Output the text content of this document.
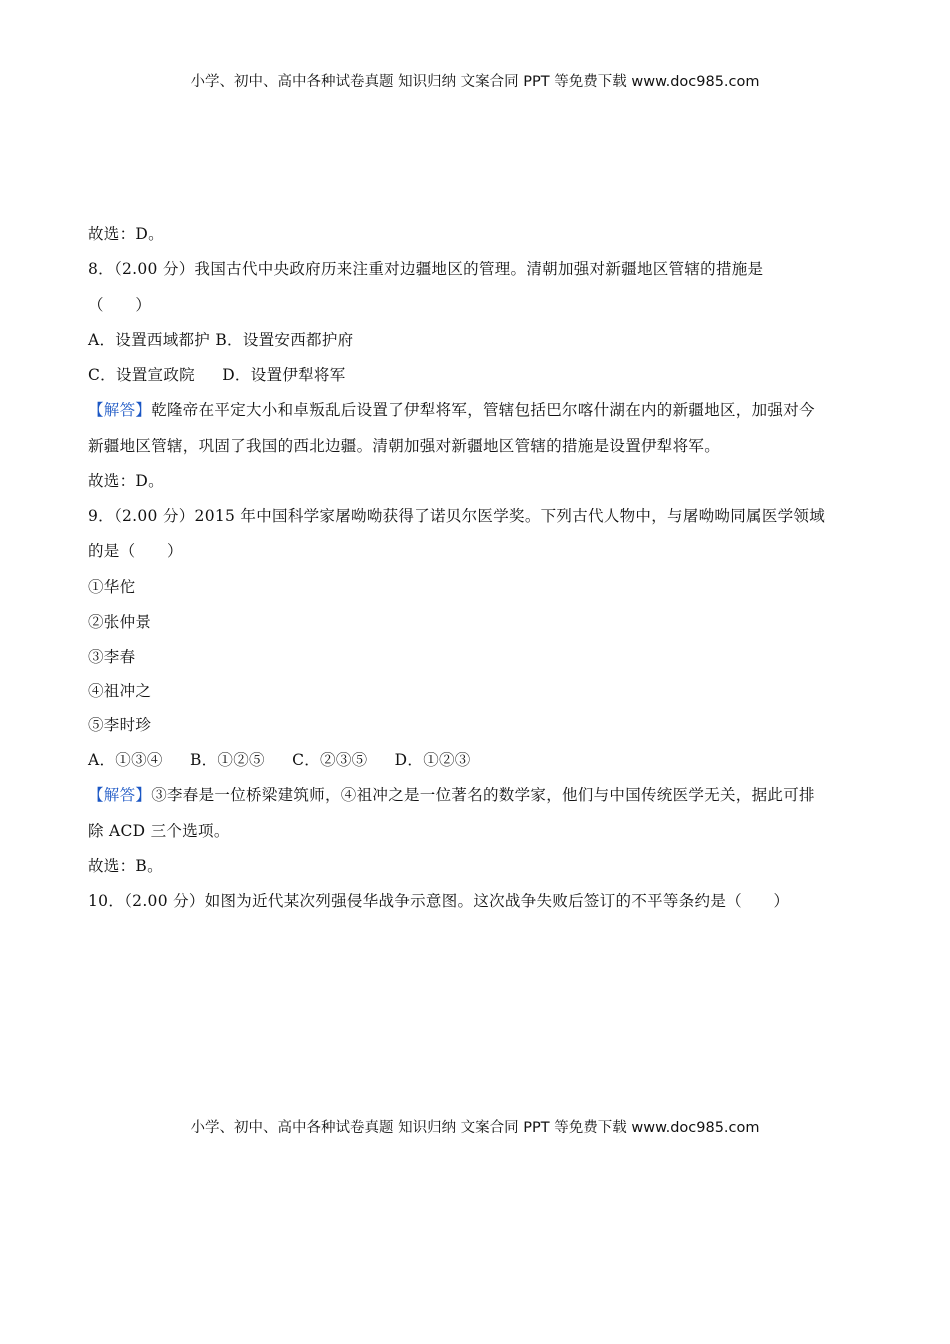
小学、初中、高中各种试卷真题 知识归纳 文案合同 PPT 等免费下载 www.doc985.com
故选：D。
8．（2.00 分）我国古代中央政府历来注重对边疆地区的管理。清朝加强对新疆地区管辖的措施是
（　　）
A．设置西域都护 B．设置安西都护府
C．设置宣政院 D．设置伊犁将军
【解答】乾隆帝在平定大小和卓叛乱后设置了伊犁将军，管辖包括巴尔喀什湖在内的新疆地区，加强对今
新疆地区管辖，巩固了我国的西北边疆。清朝加强对新疆地区管辖的措施是设置伊犁将军。
故选：D。
9．（2.00 分）2015 年中国科学家屠呦呦获得了诺贝尔医学奖。下列古代人物中，与屠呦呦同属医学领域
的是（　　）
①华佗
②张仲景
③李春
④祖冲之
⑤李时珍
A．①③④ B．①②⑤ C．②③⑤ D．①②③
【解答】③李春是一位桥梁建筑师，④祖冲之是一位著名的数学家，他们与中国传统医学无关，据此可排
除 ACD 三个选项。
故选：B。
10．（2.00 分）如图为近代某次列强侵华战争示意图。这次战争失败后签订的不平等条约是（　　）
小学、初中、高中各种试卷真题 知识归纳 文案合同 PPT 等免费下载 www.doc985.com
